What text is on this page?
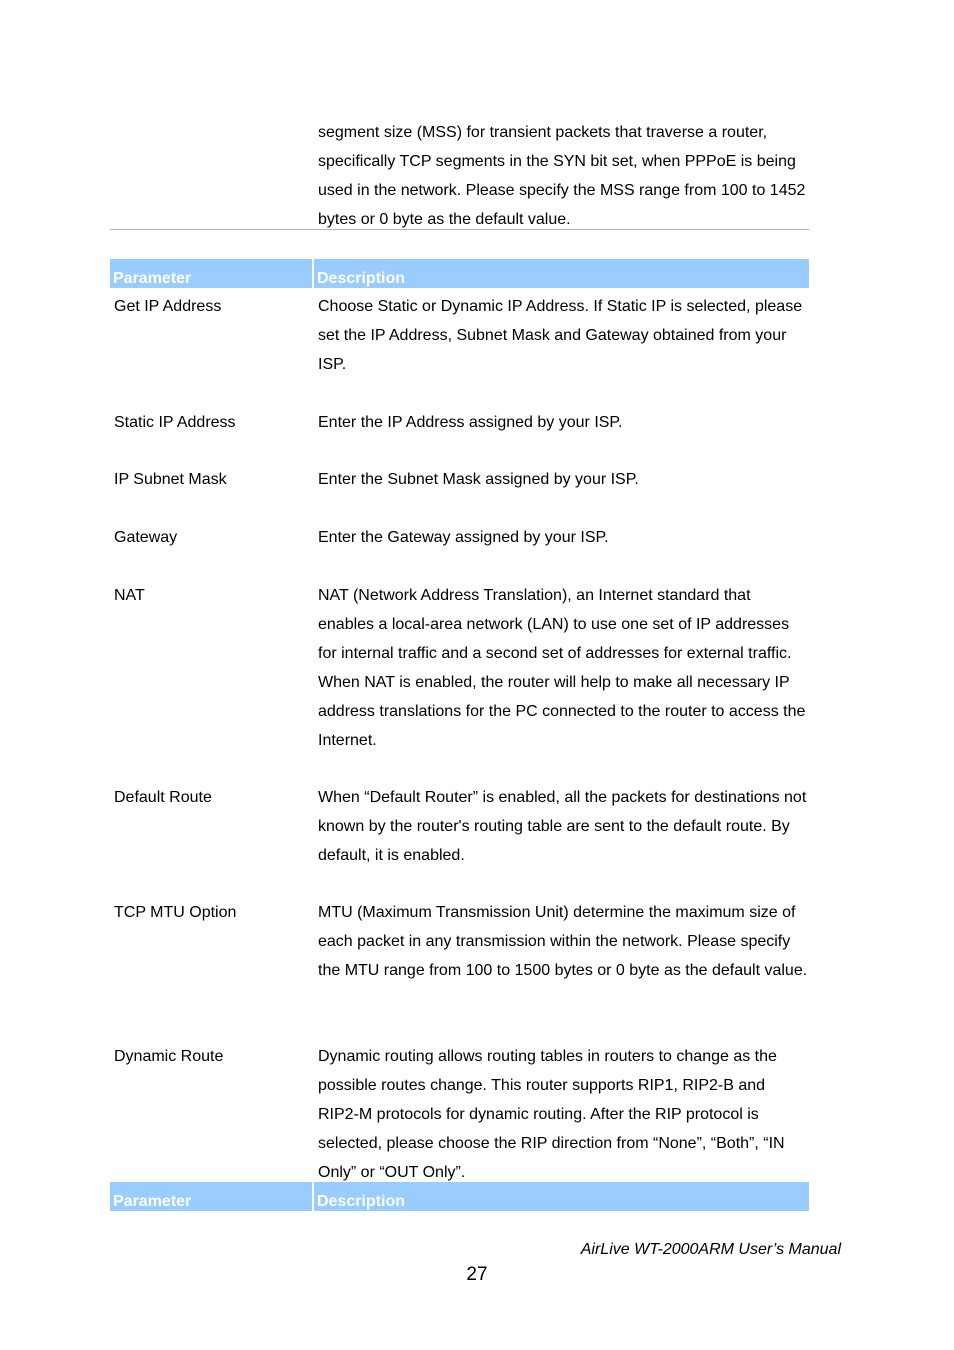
segment size (MSS) for transient packets that traverse a router, specifically TCP segments in the SYN bit set, when PPPoE is being used in the network. Please specify the MSS range from 100 to 1452 bytes or 0 byte as the default value.
Parameter	Description
Get IP Address	Choose Static or Dynamic IP Address. If Static IP is selected, please set the IP Address, Subnet Mask and Gateway obtained from your ISP.
Static IP Address	Enter the IP Address assigned by your ISP.
IP Subnet Mask	Enter the Subnet Mask assigned by your ISP.
Gateway	Enter the Gateway assigned by your ISP.
NAT	NAT (Network Address Translation), an Internet standard that enables a local-area network (LAN) to use one set of IP addresses for internal traffic and a second set of addresses for external traffic. When NAT is enabled, the router will help to make all necessary IP address translations for the PC connected to the router to access the Internet.
Default Route	When “Default Router” is enabled, all the packets for destinations not known by the router's routing table are sent to the default route. By default, it is enabled.
TCP MTU Option	MTU (Maximum Transmission Unit) determine the maximum size of each packet in any transmission within the network. Please specify the MTU range from 100 to 1500 bytes or 0 byte as the default value.
Dynamic Route	Dynamic routing allows routing tables in routers to change as the possible routes change. This router supports RIP1, RIP2-B and RIP2-M protocols for dynamic routing. After the RIP protocol is selected, please choose the RIP direction from “None”, “Both”, “IN Only” or “OUT Only”.
Parameter	Description
AirLive WT-2000ARM User’s Manual
27
